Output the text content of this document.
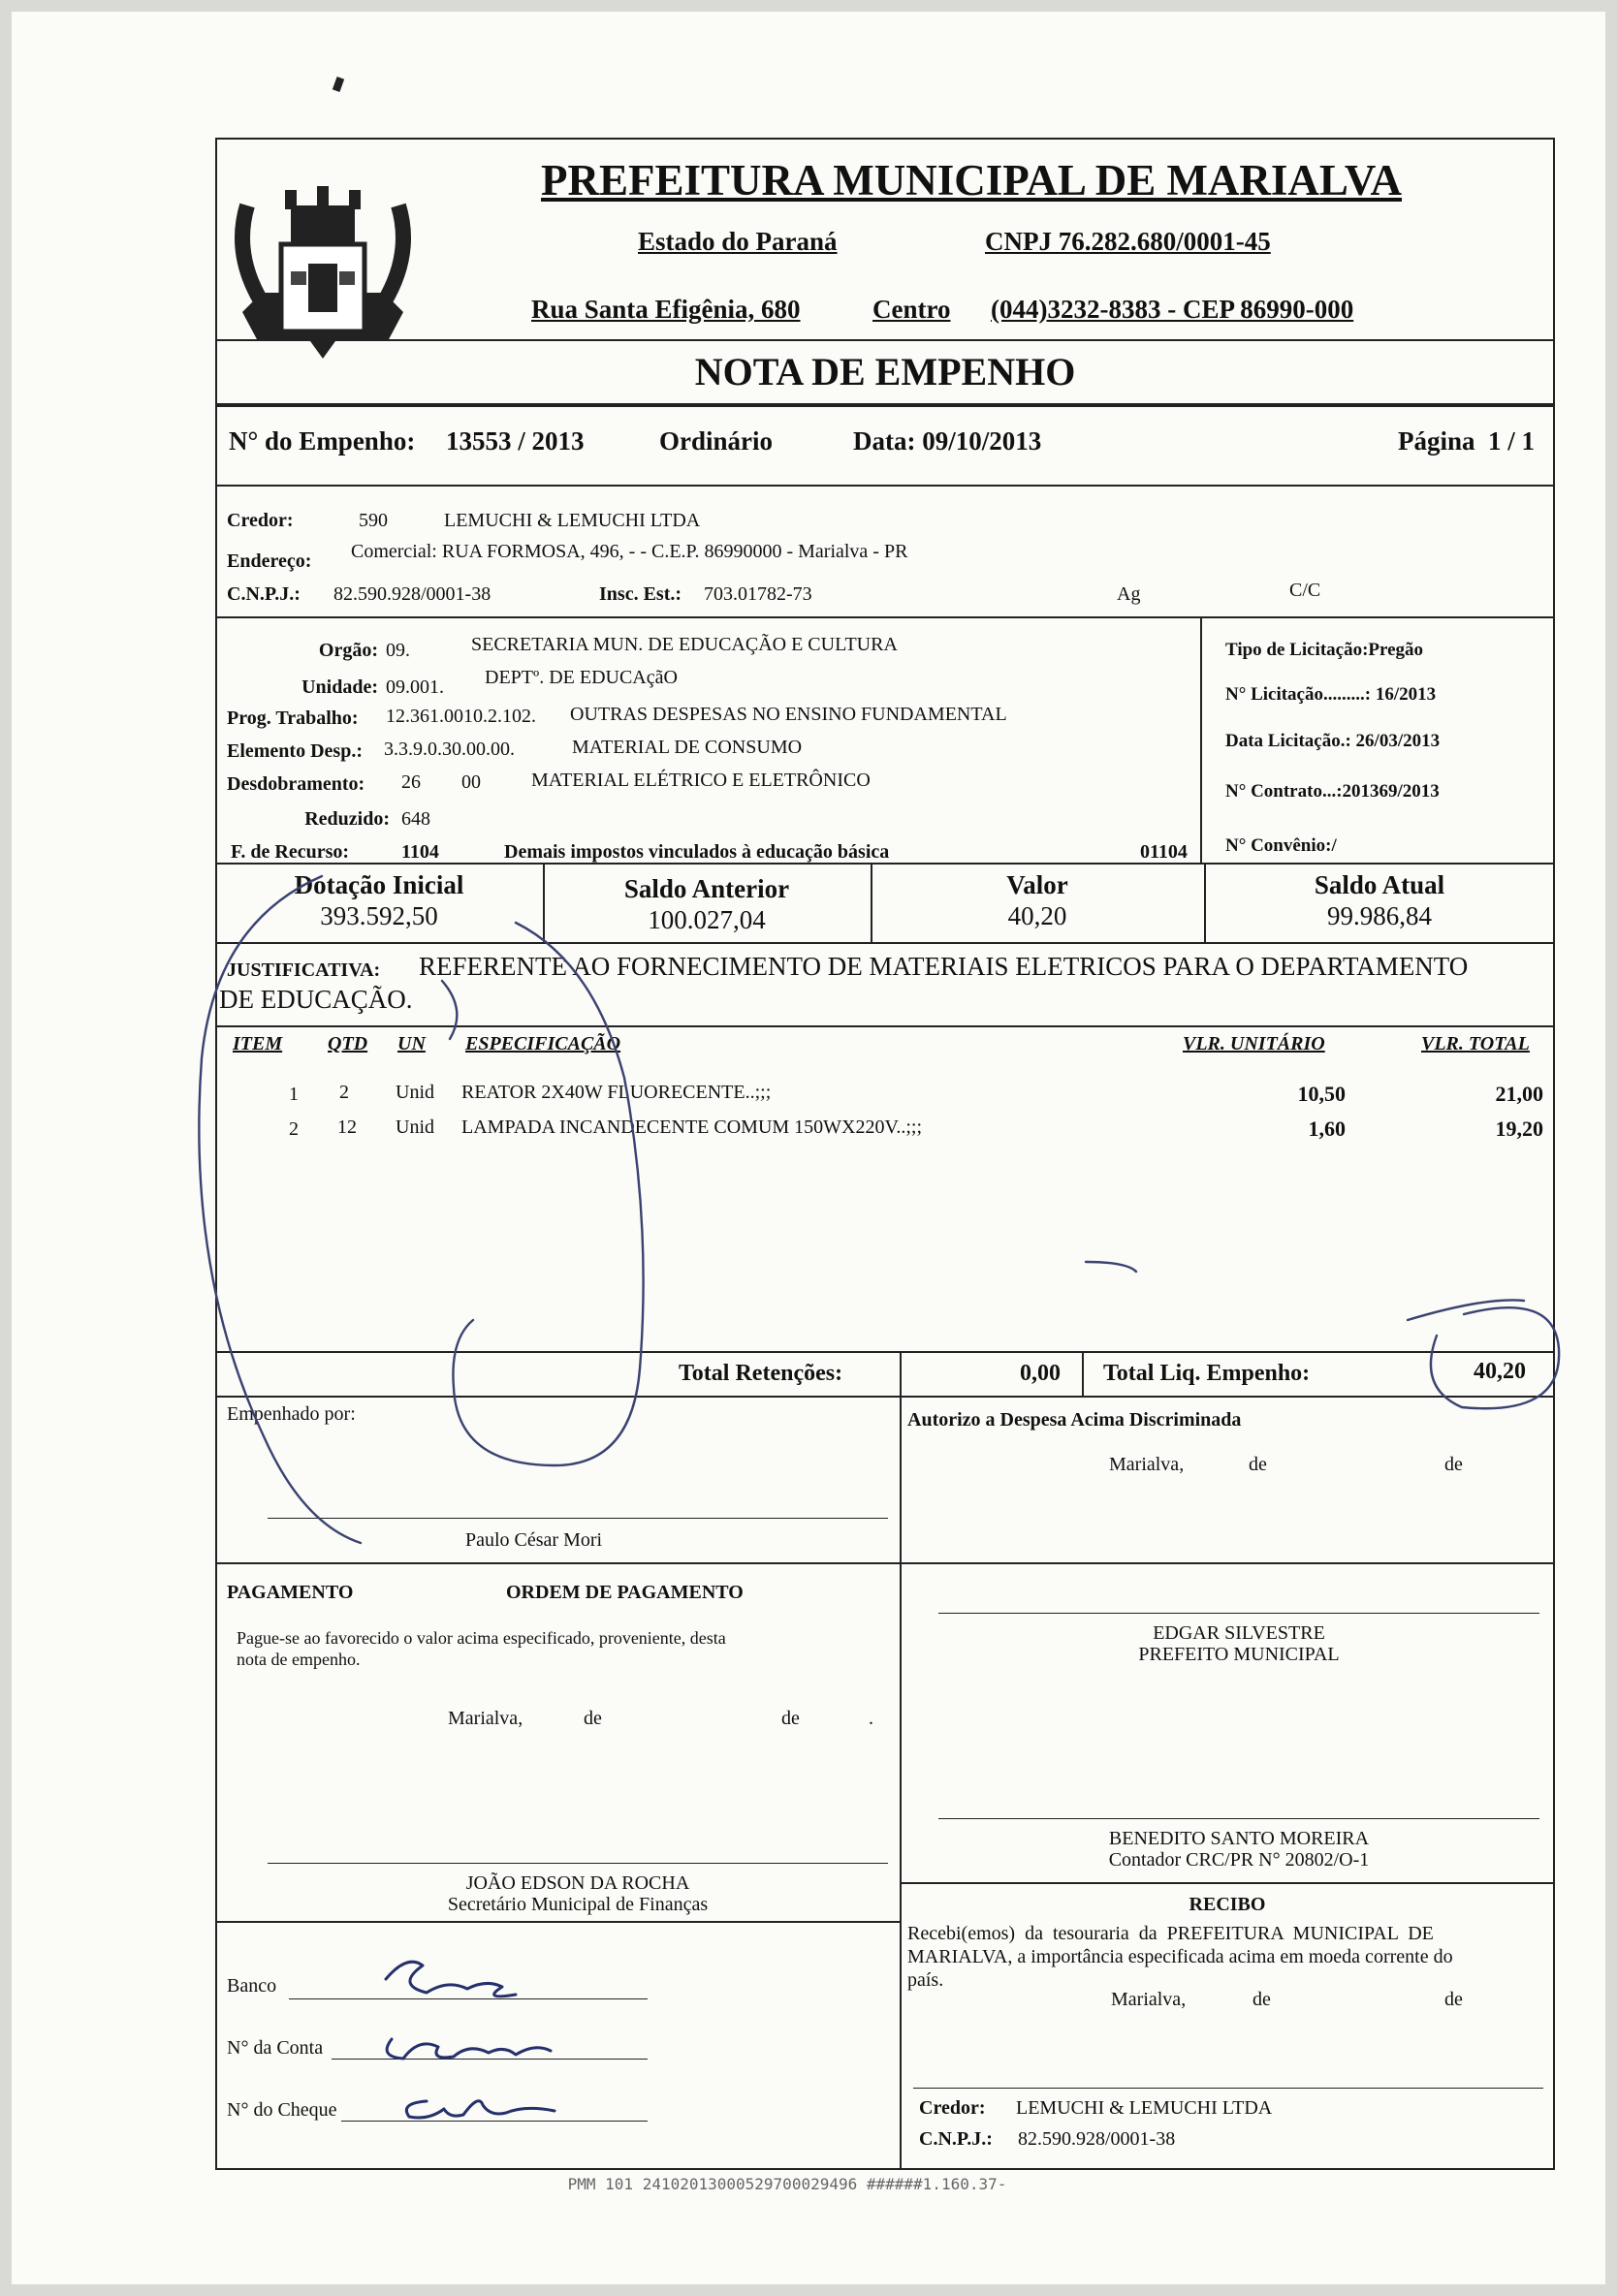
MARIALVA
PREFEITURA MUNICIPAL DE MARIALVA
Estado do Paraná	CNPJ 76.282.680/0001-45
Rua Santa Efigênia, 680	Centro (044)3232-8383 - CEP 86990-000
NOTA DE EMPENHO
N° do Empenho: 13553 / 2013	Ordinário	Data: 09/10/2013	Página  1 / 1
Credor:	590	LEMUCHI & LEMUCHI LTDA
Endereço: Comercial: RUA FORMOSA, 496, - - C.E.P. 86990000 - Marialva - PR
C.N.P.J.: 82.590.928/0001-38	Insc. Est.: 703.01782-73	Ag	C/C
Orgão: 09.	SECRETARIA MUN. DE EDUCAÇÃO E CULTURA
Unidade: 09.001. DEPTº. DE EDUCAçãO
Prog. Trabalho: 12.361.0010.2.102. OUTRAS DESPESAS NO ENSINO FUNDAMENTAL
Elemento Desp.: 3.3.9.0.30.00.00.	MATERIAL DE CONSUMO
Desdobramento: 26 00	MATERIAL ELÉTRICO E ELETRÔNICO
Reduzido: 648
F. de Recurso:	1104	Demais impostos vinculados à educação básica	01104
Tipo de Licitação:Pregão
N° Licitação.........: 16/2013
Data Licitação.: 26/03/2013
N° Contrato...:201369/2013
N° Convênio:/
Dotação Inicial
393.592,50
Saldo Anterior
100.027,04
Valor
40,20
Saldo Atual
99.986,84
JUSTIFICATIVA: REFERENTE AO FORNECIMENTO DE MATERIAIS ELETRICOS PARA O DEPARTAMENTO
DE EDUCAÇÃO.
ITEM QTD UN ESPECIFICAÇÃO	VLR. UNITÁRIO	VLR. TOTAL
1 2 Unid REATOR 2X40W FLUORECENTE..;;;	10,50	21,00
2 12 Unid LAMPADA INCANDECENTE COMUM 150WX220V..;;;	1,60	19,20
Total Retenções:	0,00 Total Liq. Empenho:	40,20
Empenhado por:
Paulo César Mori
Autorizo a Despesa Acima Discriminada
Marialva,	de	de
PAGAMENTO	ORDEM DE PAGAMENTO
Pague-se ao favorecido o valor acima especificado, proveniente, desta
nota de empenho.
Marialva,	de	de	.
EDGAR SILVESTRE
PREFEITO MUNICIPAL
BENEDITO SANTO MOREIRA
Contador CRC/PR N° 20802/O-1
JOÃO EDSON DA ROCHA
Secretário Municipal de Finanças
Banco
N° da Conta
N° do Cheque
RECIBO
Recebi(emos)  da  tesouraria  da  PREFEITURA  MUNICIPAL  DE
MARIALVA, a importância especificada acima em moeda corrente do
país.
Marialva,	de	de
Credor: LEMUCHI & LEMUCHI LTDA
C.N.P.J.: 82.590.928/0001-38
PMM 101 24102013000529700029496 ######1.160.37-
